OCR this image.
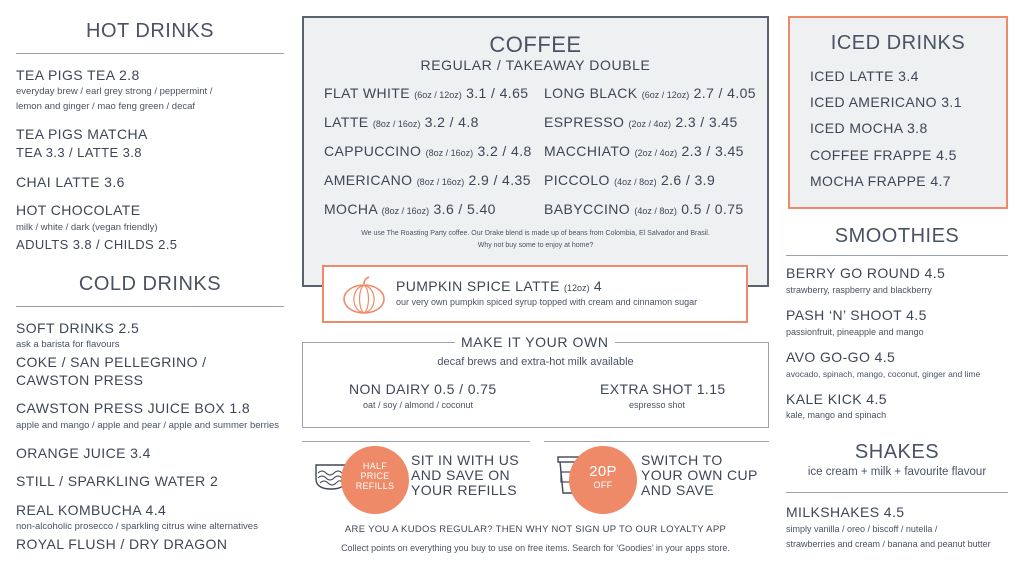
HOT DRINKS
TEA PIGS TEA 2.8
everyday brew / earl grey strong / peppermint /
lemon and ginger / mao feng green / decaf
TEA PIGS MATCHA
TEA 3.3 / LATTE 3.8
CHAI LATTE 3.6
HOT CHOCOLATE
milk / white / dark (vegan friendly)
ADULTS 3.8 / CHILDS 2.5
COLD DRINKS
SOFT DRINKS 2.5
ask a barista for flavours
COKE / SAN PELLEGRINO /
CAWSTON PRESS
CAWSTON PRESS JUICE BOX 1.8
apple and mango / apple and pear / apple and summer berries
ORANGE JUICE 3.4
STILL / SPARKLING WATER 2
REAL KOMBUCHA 4.4
non-alcoholic prosecco / sparkling citrus wine alternatives
ROYAL FLUSH / DRY DRAGON
COFFEE
REGULAR / TAKEAWAY DOUBLE
FLAT WHITE (6oz / 12oz) 3.1 / 4.65
LATTE (8oz / 16oz) 3.2 / 4.8
CAPPUCCINO (8oz / 16oz) 3.2 / 4.8
AMERICANO (8oz / 16oz) 2.9 / 4.35
MOCHA (8oz / 16oz) 3.6 / 5.40
LONG BLACK (6oz / 12oz) 2.7 / 4.05
ESPRESSO (2oz / 4oz) 2.3 / 3.45
MACCHIATO (2oz / 4oz) 2.3 / 3.45
PICCOLO (4oz / 8oz) 2.6 / 3.9
BABYCCINO (4oz / 8oz) 0.5 / 0.75
We use The Roasting Party coffee. Our Drake blend is made up of beans from Colombia, El Salvador and Brasil.
Why not buy some to enjoy at home?
PUMPKIN SPICE LATTE (12oz) 4
our very own pumpkin spiced syrup topped with cream and cinnamon sugar
MAKE IT YOUR OWN
decaf brews and extra-hot milk available
NON DAIRY 0.5 / 0.75
oat / soy / almond / coconut
EXTRA SHOT 1.15
espresso shot
HALF
PRICE
REFILLS
SIT IN WITH US
AND SAVE ON
YOUR REFILLS
20P
OFF
SWITCH TO
YOUR OWN CUP
AND SAVE
ARE YOU A KUDOS REGULAR? THEN WHY NOT SIGN UP TO OUR LOYALTY APP
Collect points on everything you buy to use on free items. Search for ‘Goodies’ in your apps store.
ICED DRINKS
ICED LATTE 3.4
ICED AMERICANO 3.1
ICED MOCHA 3.8
COFFEE FRAPPE 4.5
MOCHA FRAPPE 4.7
SMOOTHIES
BERRY GO ROUND 4.5
strawberry, raspberry and blackberry
PASH ‘N’ SHOOT 4.5
passionfruit, pineapple and mango
AVO GO-GO 4.5
avocado, spinach, mango, coconut, ginger and lime
KALE KICK 4.5
kale, mango and spinach
SHAKES
ice cream + milk + favourite flavour
MILKSHAKES 4.5
simply vanilla / oreo / biscoff / nutella /
strawberries and cream / banana and peanut butter
